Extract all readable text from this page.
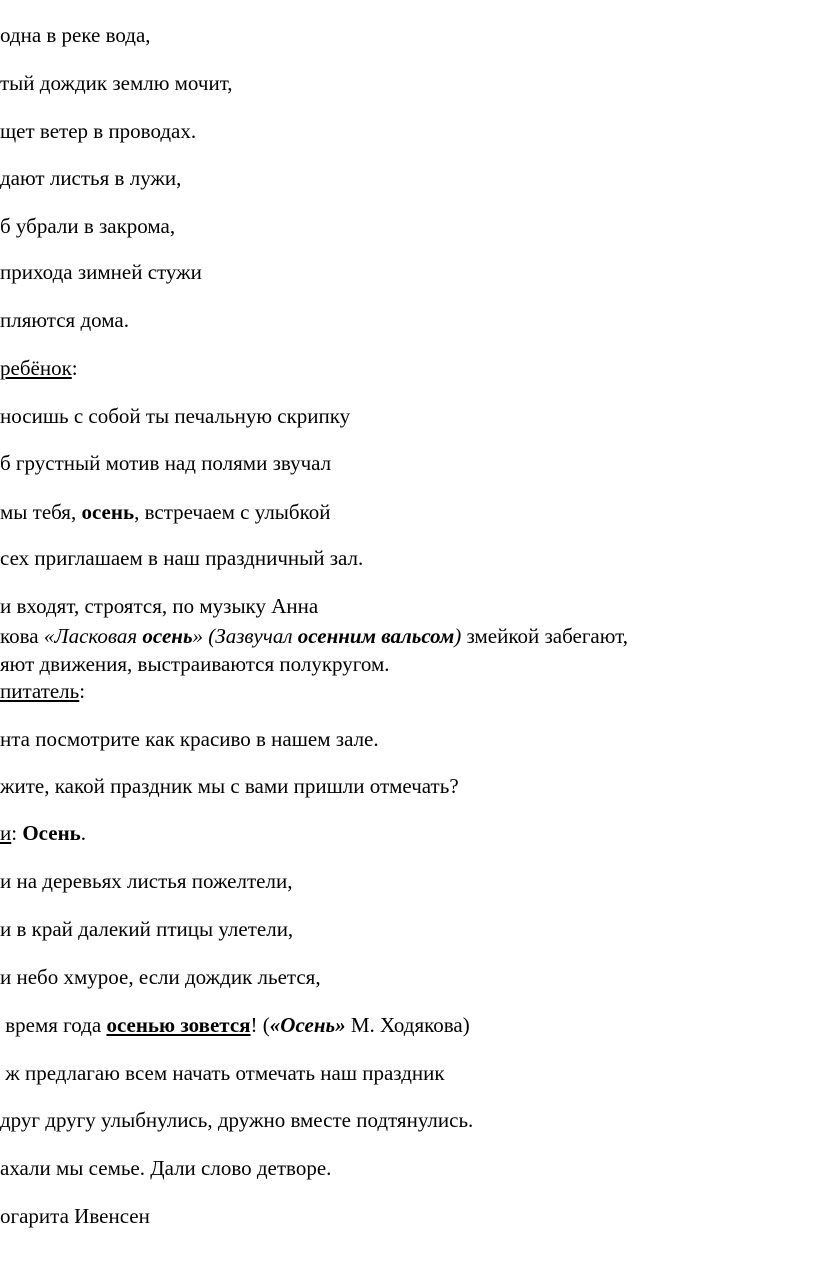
одна в реке вода,
тый дождик землю мочит,
щет ветер в проводах.
дают листья в лужи,
б убрали в закрома,
прихода зимней стужи
пляются дома.
ребёнок:
носишь с собой ты печальную скрипку
б грустный мотив над полями звучал
мы тебя, осень, встречаем с улыбкой
сех приглашаем в наш праздничный зал.
и входят, строятся, по музыку Анна
кова «Ласковая осень» (Зазвучал осенним вальсом) змейкой забегают,
яют движения, выстраиваются полукругом.
питатель:
нта посмотрите как красиво в нашем зале.
жите, какой праздник мы с вами пришли отмечать?
и: Осень.
и на деревьях листья пожелтели,
и в край далекий птицы улетели,
и небо хмурое, если дождик льется,
время года осенью зовется! («Осень» М. Ходякова)
ж предлагаю всем начать отмечать наш праздник
друг другу улыбнулись, дружно вместе подтянулись.
ахали мы семье. Дали слово детворе.
огарита Ивенсен
